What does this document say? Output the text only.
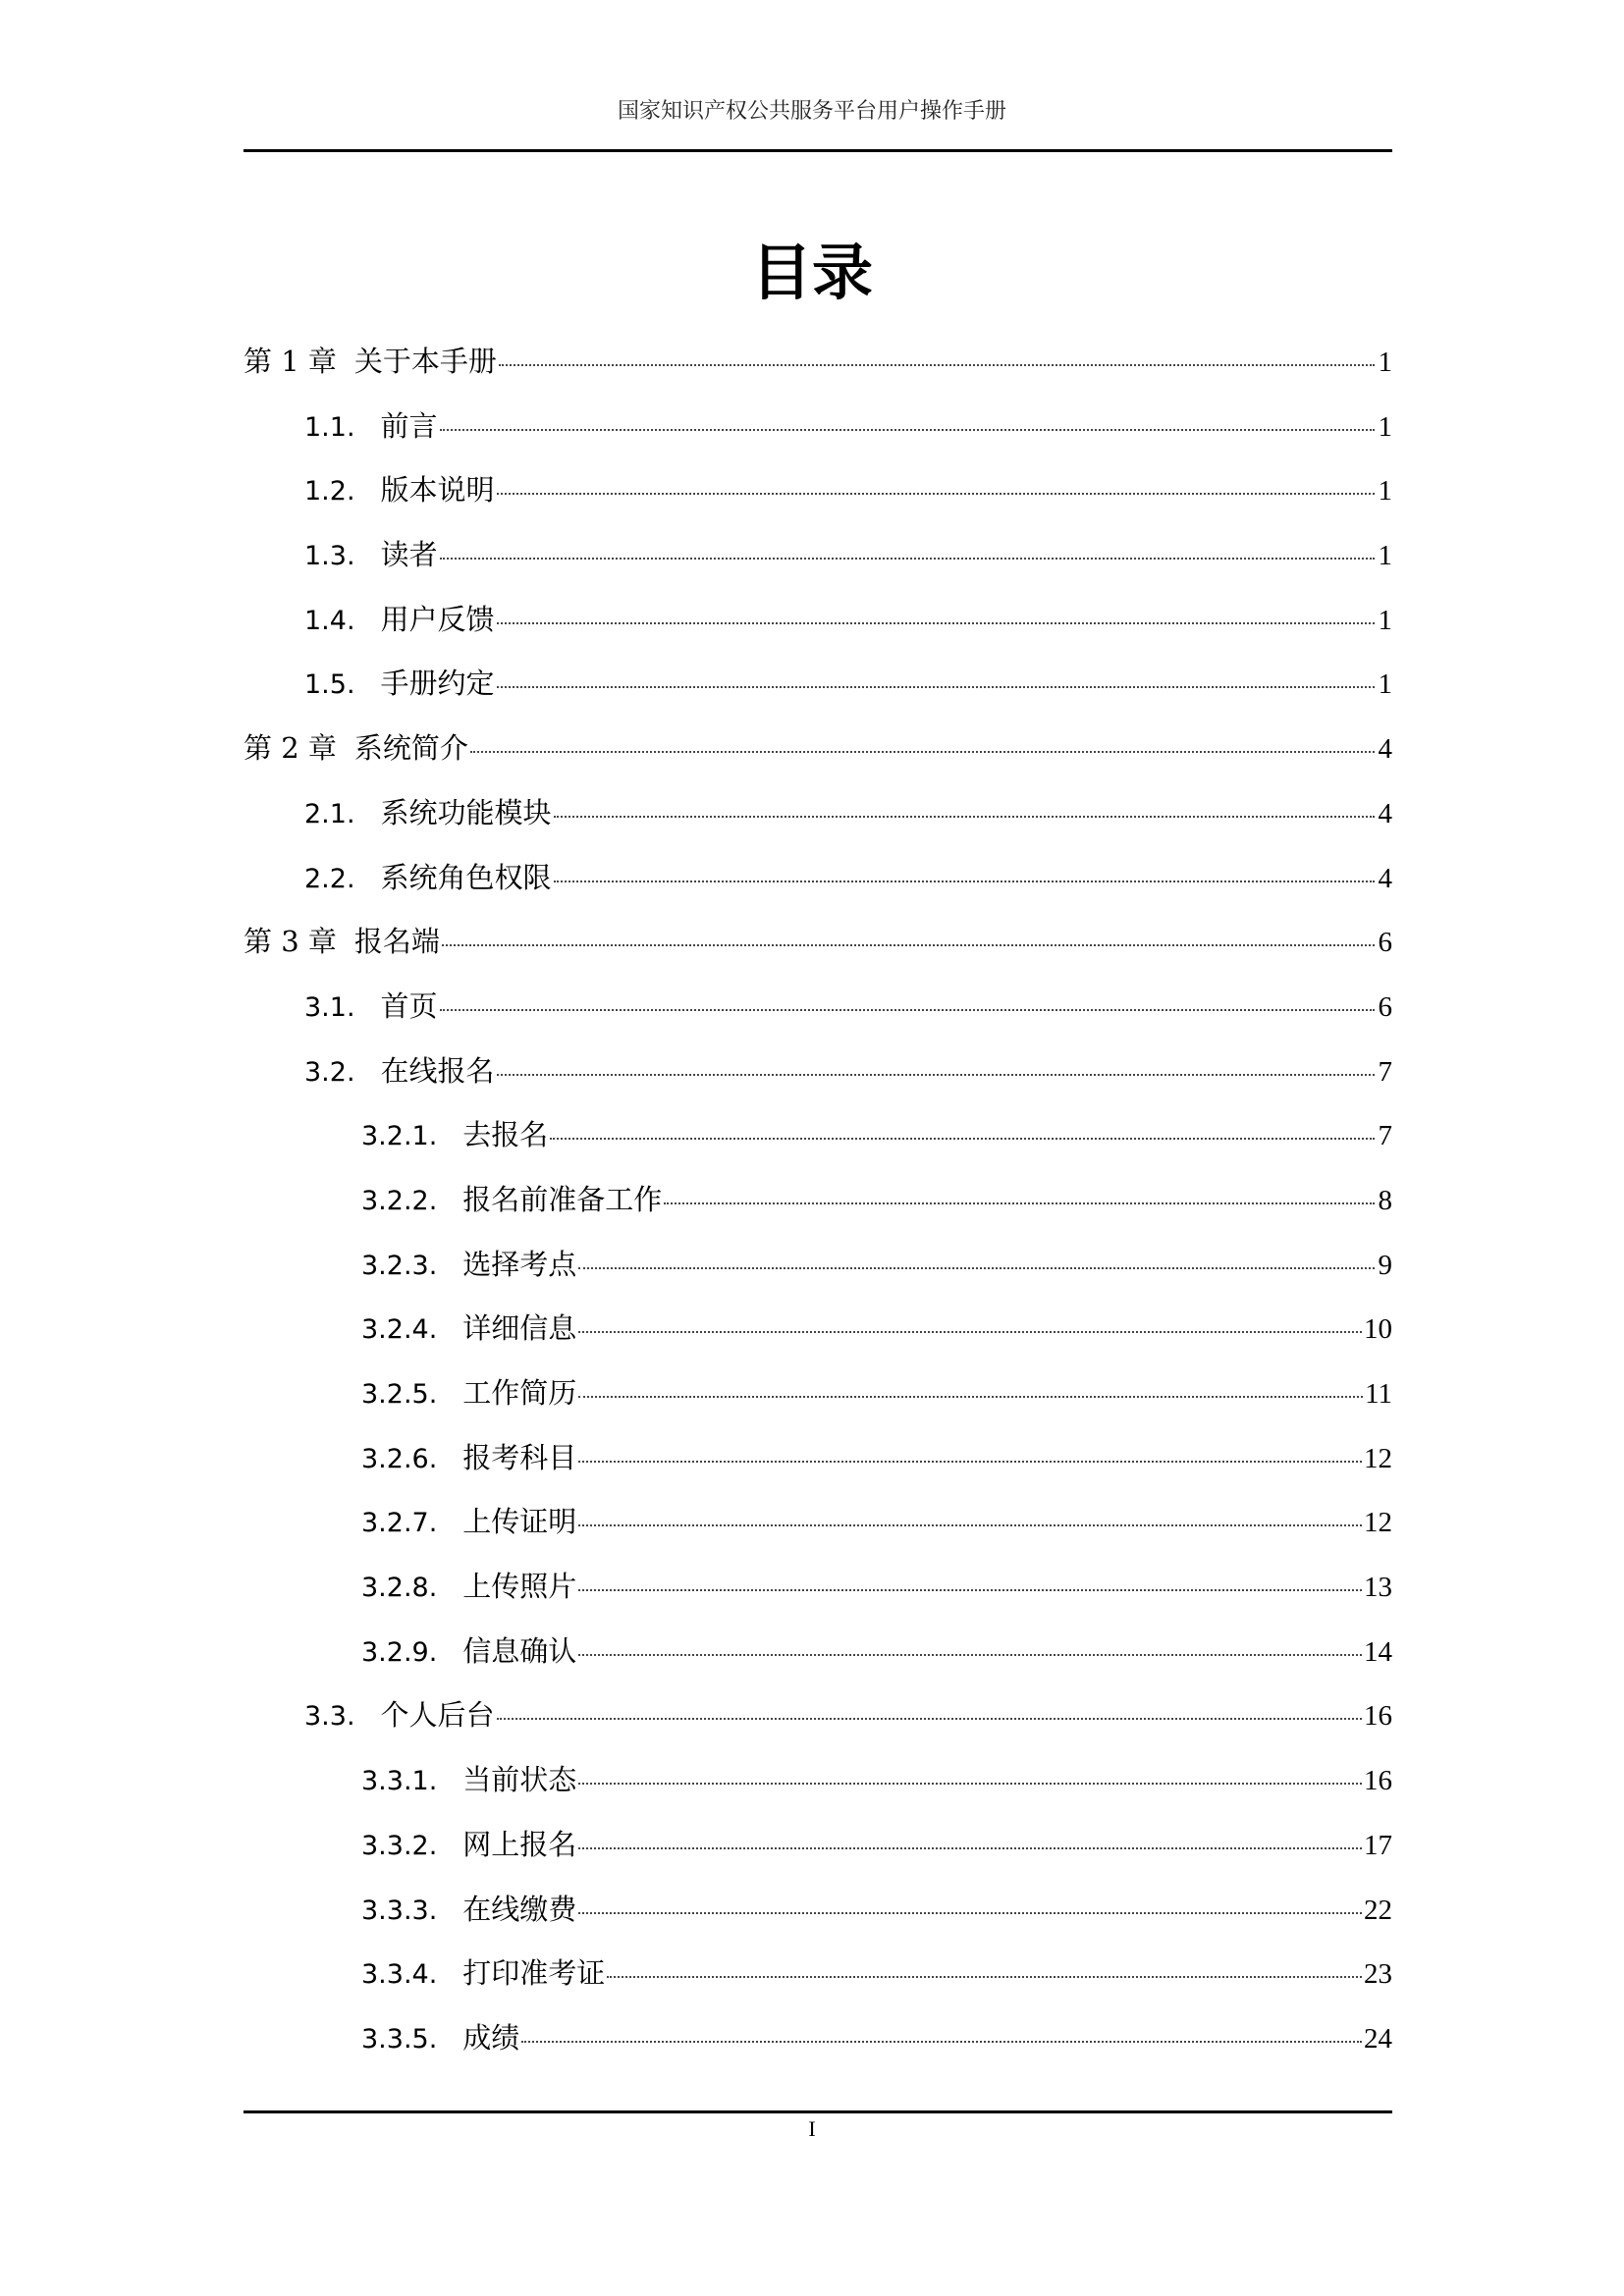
国家知识产权公共服务平台用户操作手册
目录
第 1 章 关于本手册	1
1.1. 前言	1
1.2. 版本说明	1
1.3. 读者	1
1.4. 用户反馈	1
1.5. 手册约定	1
第 2 章 系统简介	4
2.1. 系统功能模块	4
2.2. 系统角色权限	4
第 3 章 报名端	6
3.1. 首页	6
3.2. 在线报名	7
3.2.1. 去报名	7
3.2.2. 报名前准备工作	8
3.2.3. 选择考点	9
3.2.4. 详细信息	10
3.2.5. 工作简历	11
3.2.6. 报考科目	12
3.2.7. 上传证明	12
3.2.8. 上传照片	13
3.2.9. 信息确认	14
3.3. 个人后台	16
3.3.1. 当前状态	16
3.3.2. 网上报名	17
3.3.3. 在线缴费	22
3.3.4. 打印准考证	23
3.3.5. 成绩	24
I
